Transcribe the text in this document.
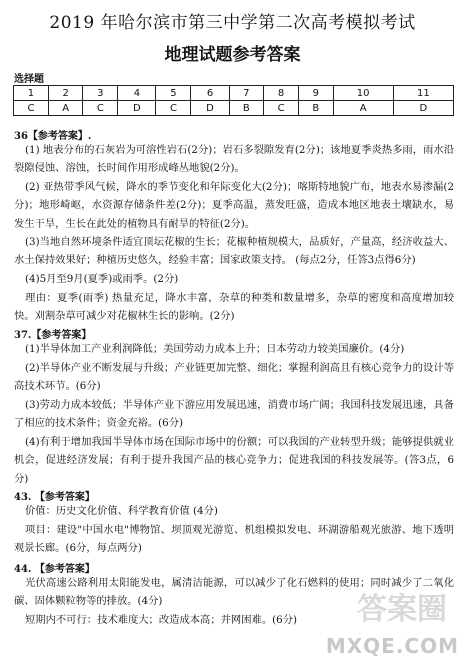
2019 年哈尔滨市第三中学第二次高考模拟考试
地理试题参考答案
选择题
1	2	3	4	5	6	7	8	9	10	11
C	A	C	D	C	D	B	C	B	A	D
36【参考答案】.
(1) 地表分布的石灰岩为可溶性岩石(2分)；岩石多裂隙发育(2分)；该地夏季炎热多雨，雨水沿裂隙侵蚀、溶蚀，长时间作用形成峰丛地貌(2分)。
(2) 亚热带季风气候，降水的季节变化和年际变化大(2分)；喀斯特地貌广布，地表水易渗漏(2分)；地形崎岖，水资源存储条件差(2分)；夏季高温，蒸发旺盛，造成本地区地表土壤缺水，易发生干旱，生长在此处的植物具有耐旱的特征(2分)。
(3)当地自然环境条件适宜顶坛花椒的生长；花椒种植规模大，品质好，产量高，经济收益大、水土保持效果好；种植历史悠久，经验丰富；国家政策支持。 (每点2分，任答3点得6分)
(4)5月至9月(夏季)或雨季。(2分)
理由：夏季(雨季) 热量充足，降水丰富，杂草的种类和数量增多，杂草的密度和高度增加较快。刈割杂草可减少对花椒林生长的影响。(2分)
37.【参考答案】
(1)半导体加工产业利润降低；美国劳动力成本上升；日本劳动力较美国廉价。(4分)
(2)半导体产业不断发展与升级；产业链更加完整、细化；掌握利润高且有核心竞争力的设计等高技术环节。(6分)
(3)劳动力成本较低；半导体产业下游应用发展迅速，消费市场广阔；我国科技发展迅速，具备了相应的技术条件；资金充裕。(6分)
(4)有利于增加我国半导体市场在国际市场中的份额；可以我国的产业转型升级；能够提供就业机会，促进经济发展；有利于提升我国产品的核心竞争力；促进我国的科技发展等。(答3点，6分)
43. 【参考答案】
价值：历史文化价值、科学教育价值 (4分)
项目：建设"中国水电"博物馆、坝顶观光游览、机组模拟发电、环湖游船观光旅游、地下透明观景长廊。(6分，每点两分)
44. 【参考答案】
光伏高速公路利用太阳能发电，属清洁能源，可以减少了化石燃料的使用；同时减少了二氧化碳、固体颗粒物等的排放。(4分)
短期内不可行：技术难度大；改造成本高；并网困难。(6分)	答案圈
MXQE.COM
